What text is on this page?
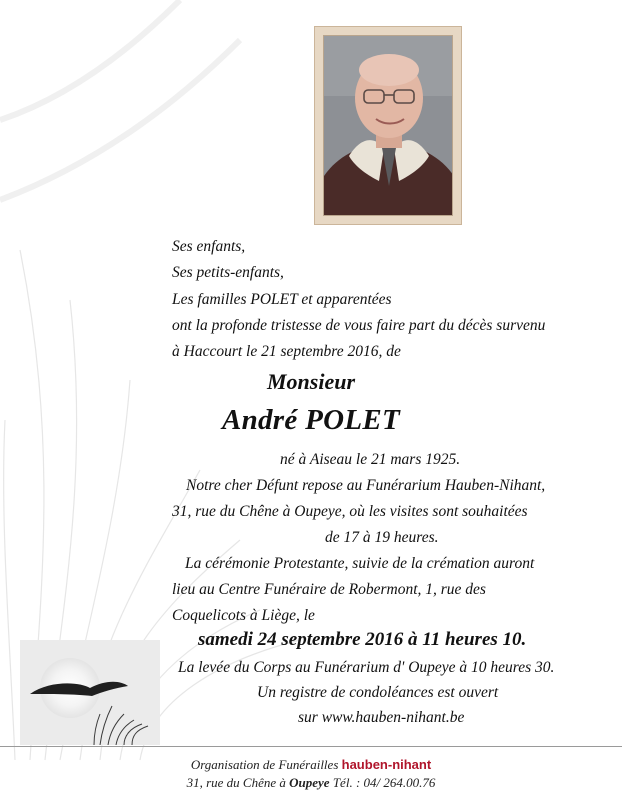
Ses enfants,
Ses petits-enfants,
Les familles POLET et apparentées
ont la profonde tristesse de vous faire part du décès survenu
à Haccourt le 21 septembre 2016, de
Monsieur
André POLET
né à Aiseau le 21 mars 1925.
Notre cher Défunt repose au Funérarium Hauben-Nihant,
31, rue du Chêne à Oupeye, où les visites sont souhaitées
de 17 à 19 heures.
La cérémonie Protestante, suivie de la crémation auront
lieu au Centre Funéraire de Robermont, 1, rue des
Coquelicots à Liège, le
samedi 24 septembre 2016 à 11 heures 10.
La levée du Corps au Funérarium d' Oupeye à 10 heures 30.
Un registre de condoléances est ouvert
sur www.hauben-nihant.be
Organisation de Funérailles hauben-nihant
31, rue du Chêne à Oupeye Tél. : 04/ 264.00.76
